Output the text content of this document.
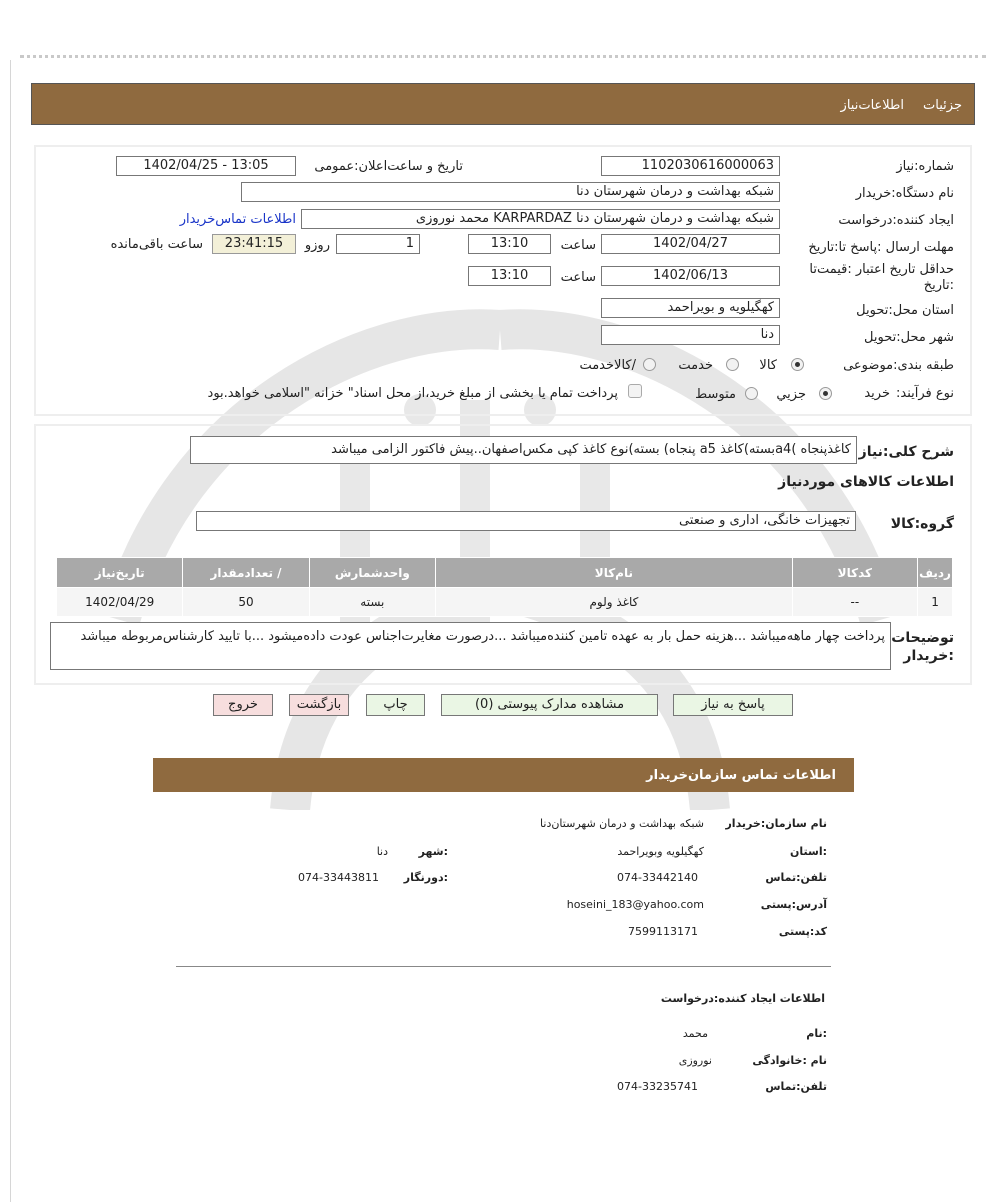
جزئیات
اطلاعات‌نیاز
شماره:نیاز
1102030616000063
تاریخ و ساعت‌اعلان:عمومی
1402/04/25 - 13:05
نام دستگاه:خریدار
شبکه بهداشت و درمان شهرستان دنا
ایجاد کننده:درخواست
شبکه بهداشت و درمان شهرستان دنا KARPARDAZ محمد نوروزی
اطلاعات تماس‌خریدار
مهلت ارسال :پاسخ تا:تاریخ
1402/04/27
ساعت
13:10
1
روزو
23:41:15
ساعت باقی‌مانده
حداقل تاریخ اعتبار :قیمت‌تا
:تاریخ
1402/06/13
ساعت
13:10
استان محل:تحویل
کهگیلویه و بویراحمد
شهر محل:تحویل
دنا
طبقه بندی:موضوعی
کالا
خدمت
/کالاخدمت
نوع فرآیند:
خرید
جزیي
متوسط
پرداخت تمام یا بخشی از مبلغ خرید،از محل اسناد" خزانه "اسلامی خواهد.بود
شرح کلی:نیاز
کاغذپنجاه )a4بسته)کاغذ a5 پنجاه) بسته)نوع کاغذ کپی مکس‌اصفهان..پیش فاکتور الزامی میباشد
اطلاعات کالاهای مورد‌نیاز
گروه:کالا
تجهیزات خانگی، اداری و صنعتی
ردیف	کدکالا	نام‌کالا	واحدشمارش	/ تعدادمقدار	تاریخ‌نیاز
1	--	کاغذ ولوم	بسته	50	1402/04/29
توضیحات
:خریدار
پرداخت چهار ماهه‌میباشد ...هزینه حمل بار به عهده تامین کننده‌میباشد ...درصورت مغایرت‌اجناس عودت داده‌میشود ...با تایید کارشناس‌مربوطه میباشد
پاسخ به نیاز
مشاهده مدارک پیوستی (0)
چاپ
بازگشت
خروج
اطلاعات تماس سازمان‌خریدار
نام سازمان:خریدار
شبکه بهداشت و درمان شهرستان‌دنا
:استان
کهگیلویه وبویراحمد
:شهر
دنا
تلفن:تماس
074-33442140
:دورنگار
074-33443811
آدرس:پستی
hoseini_183@yahoo.com
کد:پستی
7599113171
اطلاعات ایجاد کننده:درخواست
:نام
محمد
نام :خانوادگی
نوروزی
تلفن:تماس
074-33235741
